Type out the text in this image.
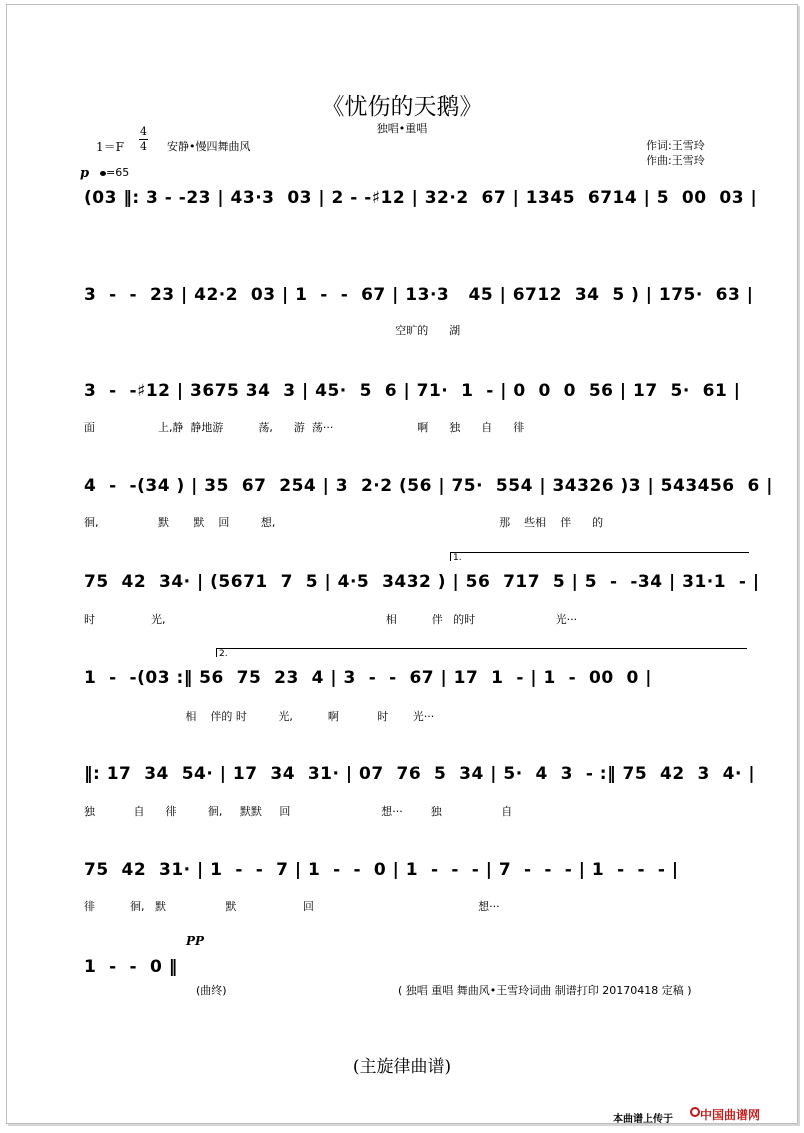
《忧伤的天鹅》
独唱•重唱
1＝F
4
4 安静•慢四舞曲风	作词:王雪玲
作曲:王雪玲
p	=65
(03 ‖: 3 - -23 | 43·3  03 | 2 - -♯12 | 32·2  67 | 1345  6714 | 5  00  03 |
3  -  -  23 | 42·2  03 | 1  -  -  67 | 13·3   45 | 6712  34  5 ) | 175·  63 |
空旷的      湖
3  -  -♯12 | 3675 34  3 | 45·  5  6 | 71·  1  - | 0  0  0  56 | 17  5·  61 |
面                  上,静  静地游          荡,      游  荡···                        啊      独      自      徘
4  -  -(34 ) | 35  67  254 | 3  2·2 (56 | 75·  554 | 34326 )3 | 543456  6 |
徊,                 默       默    回         想,                                                                那    些相    伴      的
1.
75  42  34· | (5671  7  5 | 4·5  3432 ) | 56  717  5 | 5  -  -34 | 31·1  - |
时                光,                                                               相          伴   的时                       光···
2.
1  -  -(03 :‖ 56  75  23  4 | 3  -  -  67 | 17  1  - | 1  -  00  0 |
相    伴的 时         光,          啊           时       光···
‖: 17  34  54· | 17  34  31· | 07  76  5  34 | 5·  4  3  - :‖ 75  42  3  4· |
独           自      徘         徊,     默默     回                          想···        独                 自
75  42  31· | 1  -  -  7 | 1  -  -  0 | 1  -  -  - | 7  -  -  - | 1  -  -  - |
徘          徊,   默                 默                   回                                               想···
PP
1  -  -  0 ‖
(曲终)	( 独唱 重唱 舞曲风•王雪玲词曲 制谱打印 20170418 定稿 )
(主旋律曲谱)
本曲谱上传于 中国曲谱网
